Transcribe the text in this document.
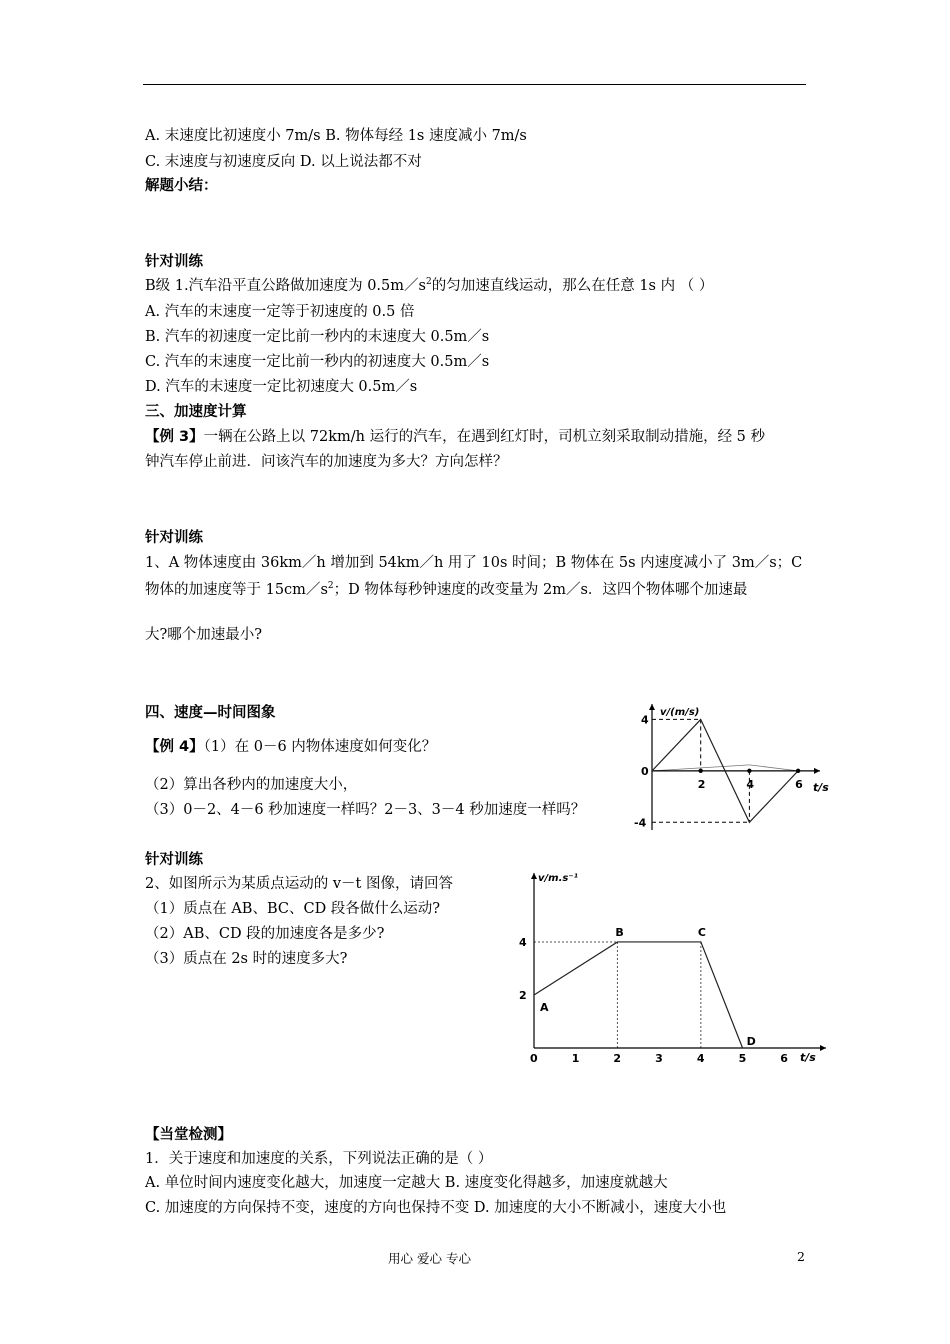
A. 末速度比初速度小 7m/s B. 物体每经 1s 速度减小 7m/s
C. 末速度与初速度反向 D. 以上说法都不对
解题小结：
针对训练
B级 1.汽车沿平直公路做加速度为 $0.5m/s^2$的匀加速直线运动，那么在任意 1s 内 （ ）
A. 汽车的末速度一定等于初速度的 0.5 倍
B. 汽车的初速度一定比前一秒内的末速度大 0.5m／s
C. 汽车的末速度一定比前一秒内的初速度大 0.5m／s
D. 汽车的末速度一定比初速度大 0.5m／s
三、加速度计算
【例 3】一辆在公路上以 72km/h 运行的汽车，在遇到红灯时，司机立刻采取制动措施，经 5 秒
钟汽车停止前进．问该汽车的加速度为多大？方向怎样？
针对训练
1、A 物体速度由 36km／h 增加到 54km／h 用了 10s 时间；B 物体在 5s 内速度减小了 3m／s；C
物体的加速度等于 $15cm/s^2$；D 物体每秒钟速度的改变量为 2m／s．这四个物体哪个加速最
大?哪个加速最小?
四、速度—时间图象
【例 4】（1）在 0－6 内物体速度如何变化？
（2）算出各秒内的加速度大小，
（3）0－2、4－6 秒加速度一样吗？2－3、3－4 秒加速度一样吗？
针对训练
2、如图所示为某质点运动的 v－t 图像，请回答
（1）质点在 AB、BC、CD 段各做什么运动?
（2）AB、CD 段的加速度各是多少?
（3）质点在 2s 时的速度多大?
【当堂检测】
1．关于速度和加速度的关系，下列说法正确的是（ ）
A. 单位时间内速度变化越大，加速度一定越大 B. 速度变化得越多，加速度就越大
C. 加速度的方向保持不变，速度的方向也保持不变 D. 加速度的大小不断减小，速度大小也
用心 爱心 专心	2
2	4	6
4
0
-4
v/(m/s)
t/s
A
B	C
D
0	1	2	3	4	5	6
2
4
v/m.s⁻¹
t/s
